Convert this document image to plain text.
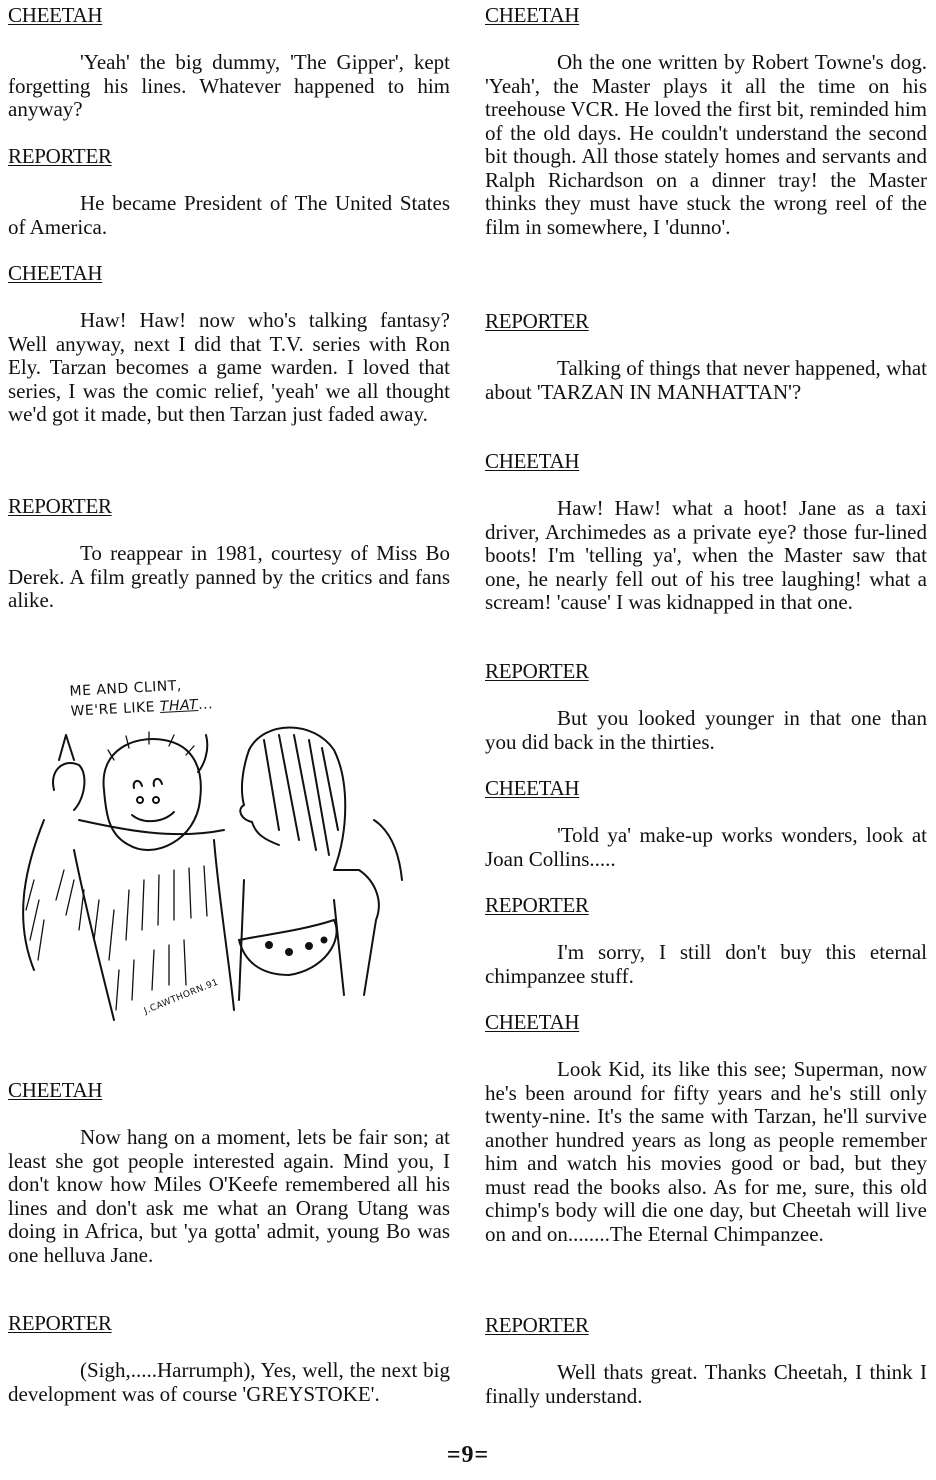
CHEETAH

'Yeah' the big dummy, 'The Gipper', kept forgetting his lines. Whatever happened to him anyway?

REPORTER

He became President of The United States of America.

CHEETAH

Haw! Haw! now who's talking fantasy? Well anyway, next I did that T.V. series with Ron Ely. Tarzan becomes a game warden. I loved that series, I was the comic relief, 'yeah' we all thought we'd got it made, but then Tarzan just faded away.

REPORTER

To reappear in 1981, courtesy of Miss Bo Derek. A film greatly panned by the critics and fans alike.

CHEETAH

Now hang on a moment, lets be fair son; at least she got people interested again. Mind you, I don't know how Miles O'Keefe remembered all his lines and don't ask me what an Orang Utang was doing in Africa, but 'ya gotta' admit, young Bo was one helluva Jane.

REPORTER

(Sigh,.....Harrumph), Yes, well, the next big development was of course 'GREYSTOKE'.

ME AND CLINT,
WE'RE LIKE THAT...
J.CAWTHORN.91
CHEETAH

Oh the one written by Robert Towne's dog. 'Yeah', the Master plays it all the time on his treehouse VCR. He loved the first bit, reminded him of the old days. He couldn't understand the second bit though. All those stately homes and servants and Ralph Richardson on a dinner tray! the Master thinks they must have stuck the wrong reel of the film in somewhere, I 'dunno'.

REPORTER

Talking of things that never happened, what about 'TARZAN IN MANHATTAN'?

CHEETAH

Haw! Haw! what a hoot! Jane as a taxi driver, Archimedes as a private eye? those fur-lined boots! I'm 'telling ya', when the Master saw that one, he nearly fell out of his tree laughing! what a scream! 'cause' I was kidnapped in that one.

REPORTER

But you looked younger in that one than you did back in the thirties.

CHEETAH

'Told ya' make-up works wonders, look at Joan Collins.....

REPORTER

I'm sorry, I still don't buy this eternal chimpanzee stuff.

CHEETAH

Look Kid, its like this see; Superman, now he's been around for fifty years and he's still only twenty-nine. It's the same with Tarzan, he'll survive another hundred years as long as people remember him and watch his movies good or bad, but they must read the books also. As for me, sure, this old chimp's body will die one day, but Cheetah will live on and on........The Eternal Chimpanzee.

REPORTER

Well thats great. Thanks Cheetah, I think I finally understand.

=9=
